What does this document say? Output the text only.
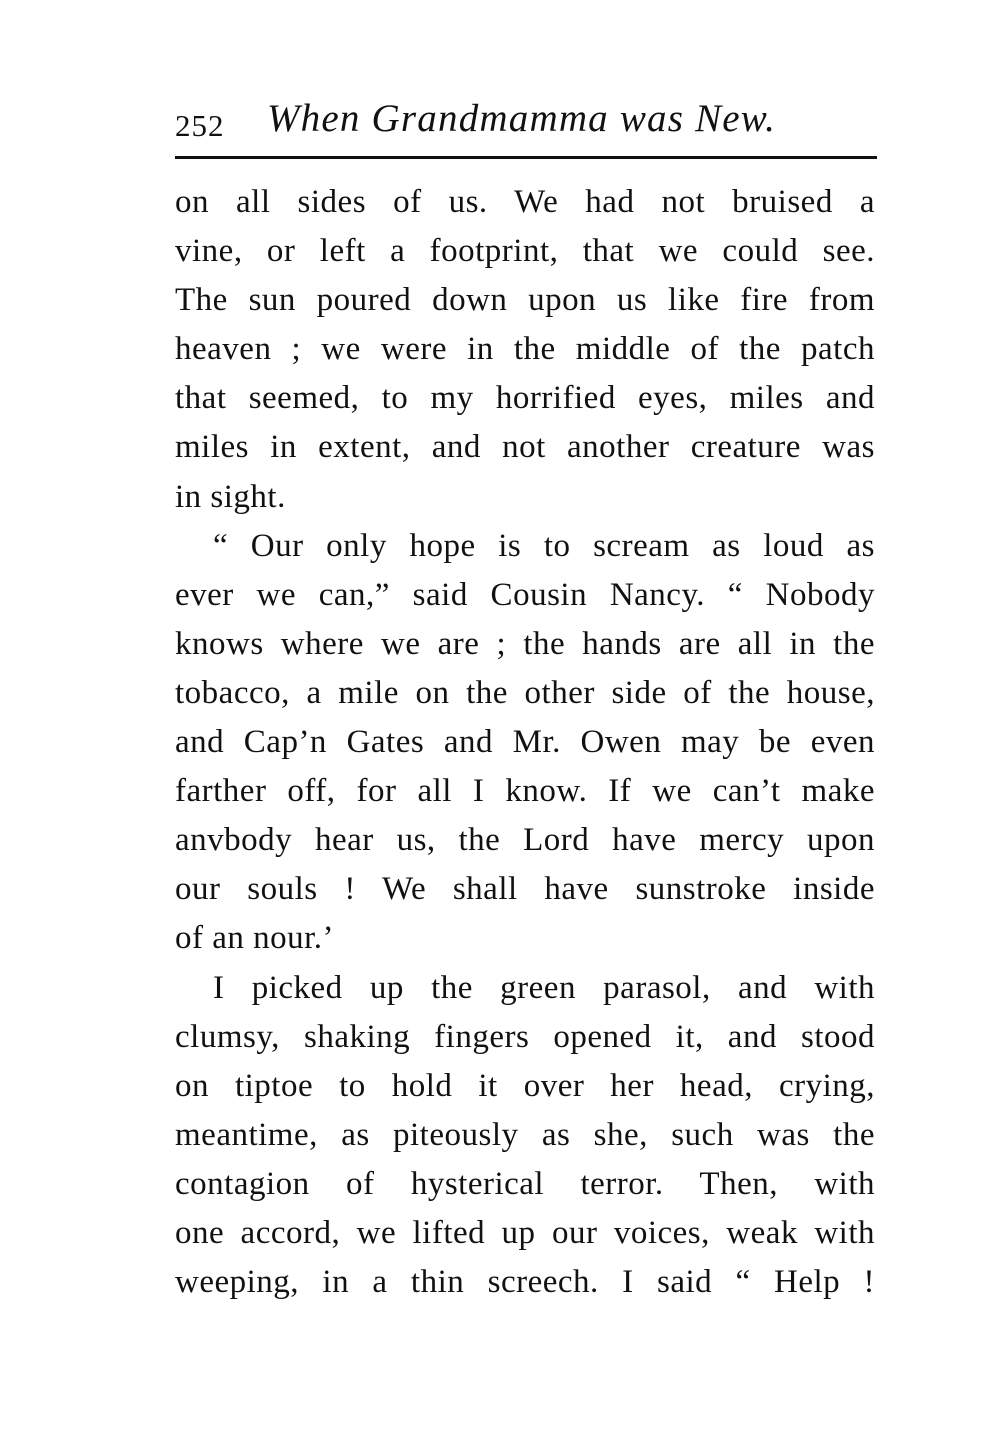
252 When Grandmamma was New.
on all sides of us. We had not bruised a
vine, or left a footprint, that we could see.
The sun poured down upon us like fire from
heaven ; we were in the middle of the patch
that seemed, to my horrified eyes, miles and
miles in extent, and not another creature was
in sight.
“ Our only hope is to scream as loud as
ever we can,” said Cousin Nancy. “ Nobody
knows where we are ; the hands are all in the
tobacco, a mile on the other side of the house,
and Cap’n Gates and Mr. Owen may be even
farther off, for all I know. If we can’t make
anvbody hear us, the Lord have mercy upon
our souls ! We shall have sunstroke inside
of an nour.’
I picked up the green parasol, and with
clumsy, shaking fingers opened it, and stood
on tiptoe to hold it over her head, crying,
meantime, as piteously as she, such was the
contagion of hysterical terror. Then, with
one accord, we lifted up our voices, weak with
weeping, in a thin screech. I said “ Help !
